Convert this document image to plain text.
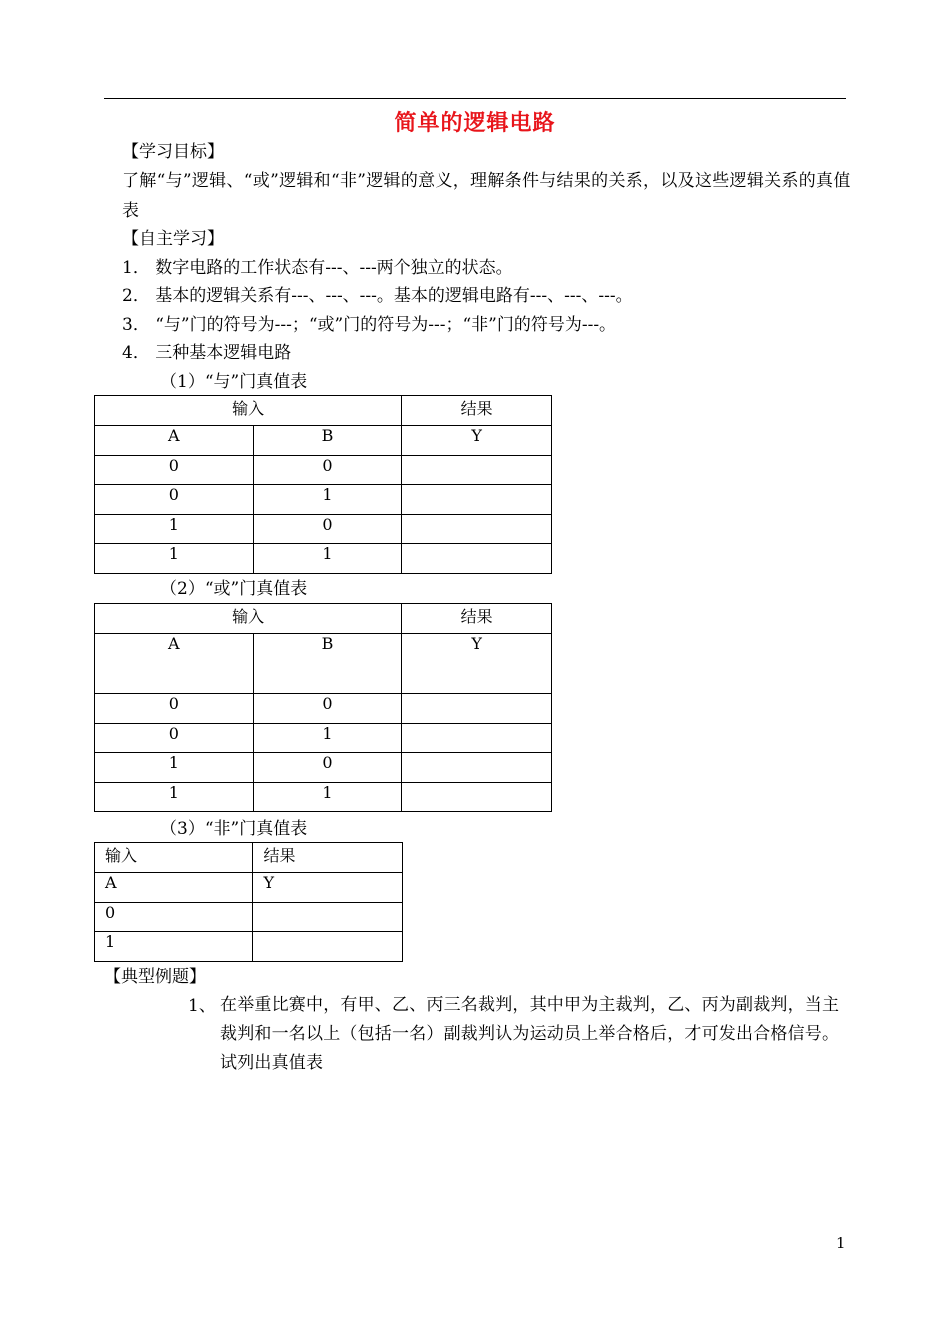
简单的逻辑电路
【学习目标】
了解“与”逻辑、“或”逻辑和“非”逻辑的意义，理解条件与结果的关系，以及这些逻辑关系的真值表
【自主学习】
1． 数字电路的工作状态有---、---两个独立的状态。
2． 基本的逻辑关系有---、---、---。基本的逻辑电路有---、---、---。
3． “与”门的符号为---；“或”门的符号为---；“非”门的符号为---。
4． 三种基本逻辑电路
（1）“与”门真值表
输入		结果
A	B	Y
0	0	
0	1	
1	0	
1	1	
（2）“或”门真值表
输入		结果
A	B	Y
0	0	
0	1	
1	0	
1	1	
（3）“非”门真值表
输入	结果
A	Y
0	
1	
【典型例题】
1、 在举重比赛中，有甲、乙、丙三名裁判，其中甲为主裁判，乙、丙为副裁判，当主裁判和一名以上（包括一名）副裁判认为运动员上举合格后，才可发出合格信号。试列出真值表
1
